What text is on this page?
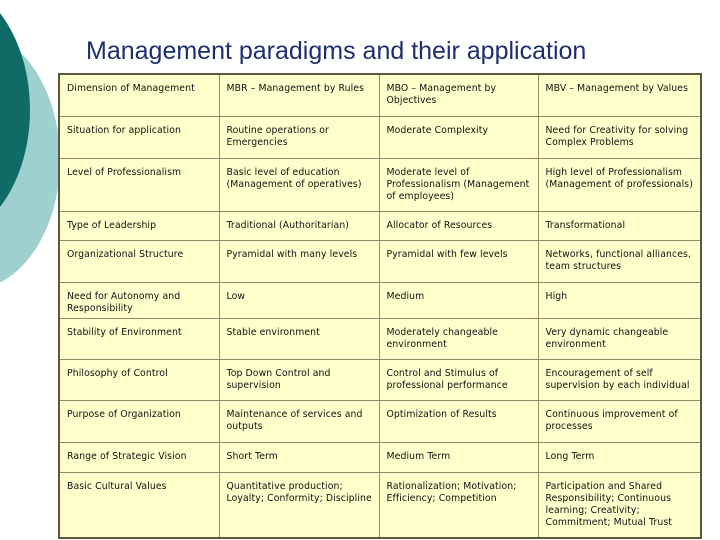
Management paradigms and their application
Dimension of Management	MBR – Management by Rules	MBO – Management by Objectives	MBV – Management by Values
Situation for application	Routine operations or Emergencies	Moderate Complexity	Need for Creativity for solving Complex Problems
Level of Professionalism	Basic level of education (Management of operatives)	Moderate level of Professionalism (Management of employees)	High level of Professionalism (Management of professionals)
Type of Leadership	Traditional (Authoritarian)	Allocator of Resources	Transformational
Organizational Structure	Pyramidal with many levels	Pyramidal with few levels	Networks, functional alliances, team structures
Need for Autonomy and Responsibility	Low	Medium	High
Stability of Environment	Stable environment	Moderately changeable environment	Very dynamic changeable environment
Philosophy of Control	Top Down Control and supervision	Control and Stimulus of professional performance	Encouragement of self supervision by each individual
Purpose of Organization	Maintenance of services and outputs	Optimization of Results	Continuous improvement of processes
Range of Strategic Vision	Short Term	Medium Term	Long Term
Basic Cultural Values	Quantitative production; Loyalty; Conformity; Discipline	Rationalization; Motivation; Efficiency; Competition	Participation and Shared Responsibility; Continuous learning; Creativity; Commitment; Mutual Trust
